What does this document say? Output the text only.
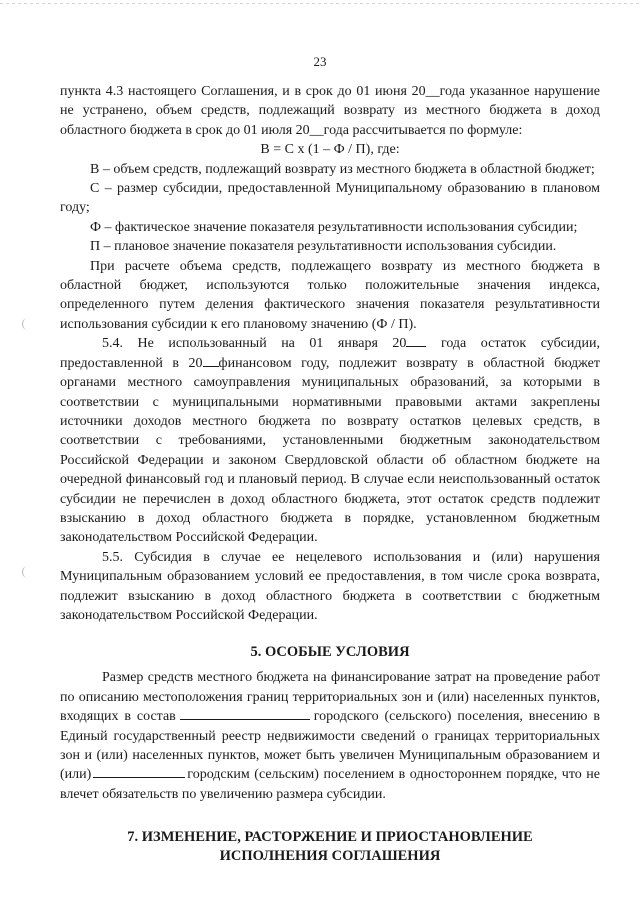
23

пункта 4.3 настоящего Соглашения, и в срок до 01 июня 20__года указанное нарушение не устранено, объем средств, подлежащий возврату из местного бюджета в доход областного бюджета в срок до 01 июля 20__года рассчитывается по формуле:

В = С х (1 – Ф / П), где:

В – объем средств, подлежащий возврату из местного бюджета в областной бюджет;

С – размер субсидии, предоставленной Муниципальному образованию в плановом году;

Ф – фактическое значение показателя результативности использования субсидии;

П – плановое значение показателя результативности использования субсидии.

При расчете объема средств, подлежащего возврату из местного бюджета в областной бюджет, используются только положительные значения индекса, определенного путем деления фактического значения показателя результативности использования субсидии к его плановому значению (Ф / П).

5.4. Не использованный на 01 января 20 года остаток субсидии, предоставленной в 20 финансовом году, подлежит возврату в областной бюджет органами местного самоуправления муниципальных образований, за которыми в соответствии с муниципальными нормативными правовыми актами закреплены источники доходов местного бюджета по возврату остатков целевых средств, в соответствии с требованиями, установленными бюджетным законодательством Российской Федерации и законом Свердловской области об областном бюджете на очередной финансовый год и плановый период. В случае если неиспользованный остаток субсидии не перечислен в доход областного бюджета, этот остаток средств подлежит взысканию в доход областного бюджета в порядке, установленном бюджетным законодательством Российской Федерации.

5.5. Субсидия в случае ее нецелевого использования и (или) нарушения Муниципальным образованием условий ее предоставления, в том числе срока возврата, подлежит взысканию в доход областного бюджета в соответствии с бюджетным законодательством Российской Федерации.

5. ОСОБЫЕ УСЛОВИЯ

Размер средств местного бюджета на финансирование затрат на проведение работ по описанию местоположения границ территориальных зон и (или) населенных пунктов, входящих в состав	городского (сельского) поселения, внесению в Единый государственный реестр недвижимости сведений о границах территориальных зон и (или) населенных пунктов, может быть увеличен Муниципальным образованием и (или)	городским (сельским) поселением в одностороннем порядке, что не влечет обязательств по увеличению размера субсидии.

7. ИЗМЕНЕНИЕ, РАСТОРЖЕНИЕ И ПРИОСТАНОВЛЕНИЕ
ИСПОЛНЕНИЯ СОГЛАШЕНИЯ
